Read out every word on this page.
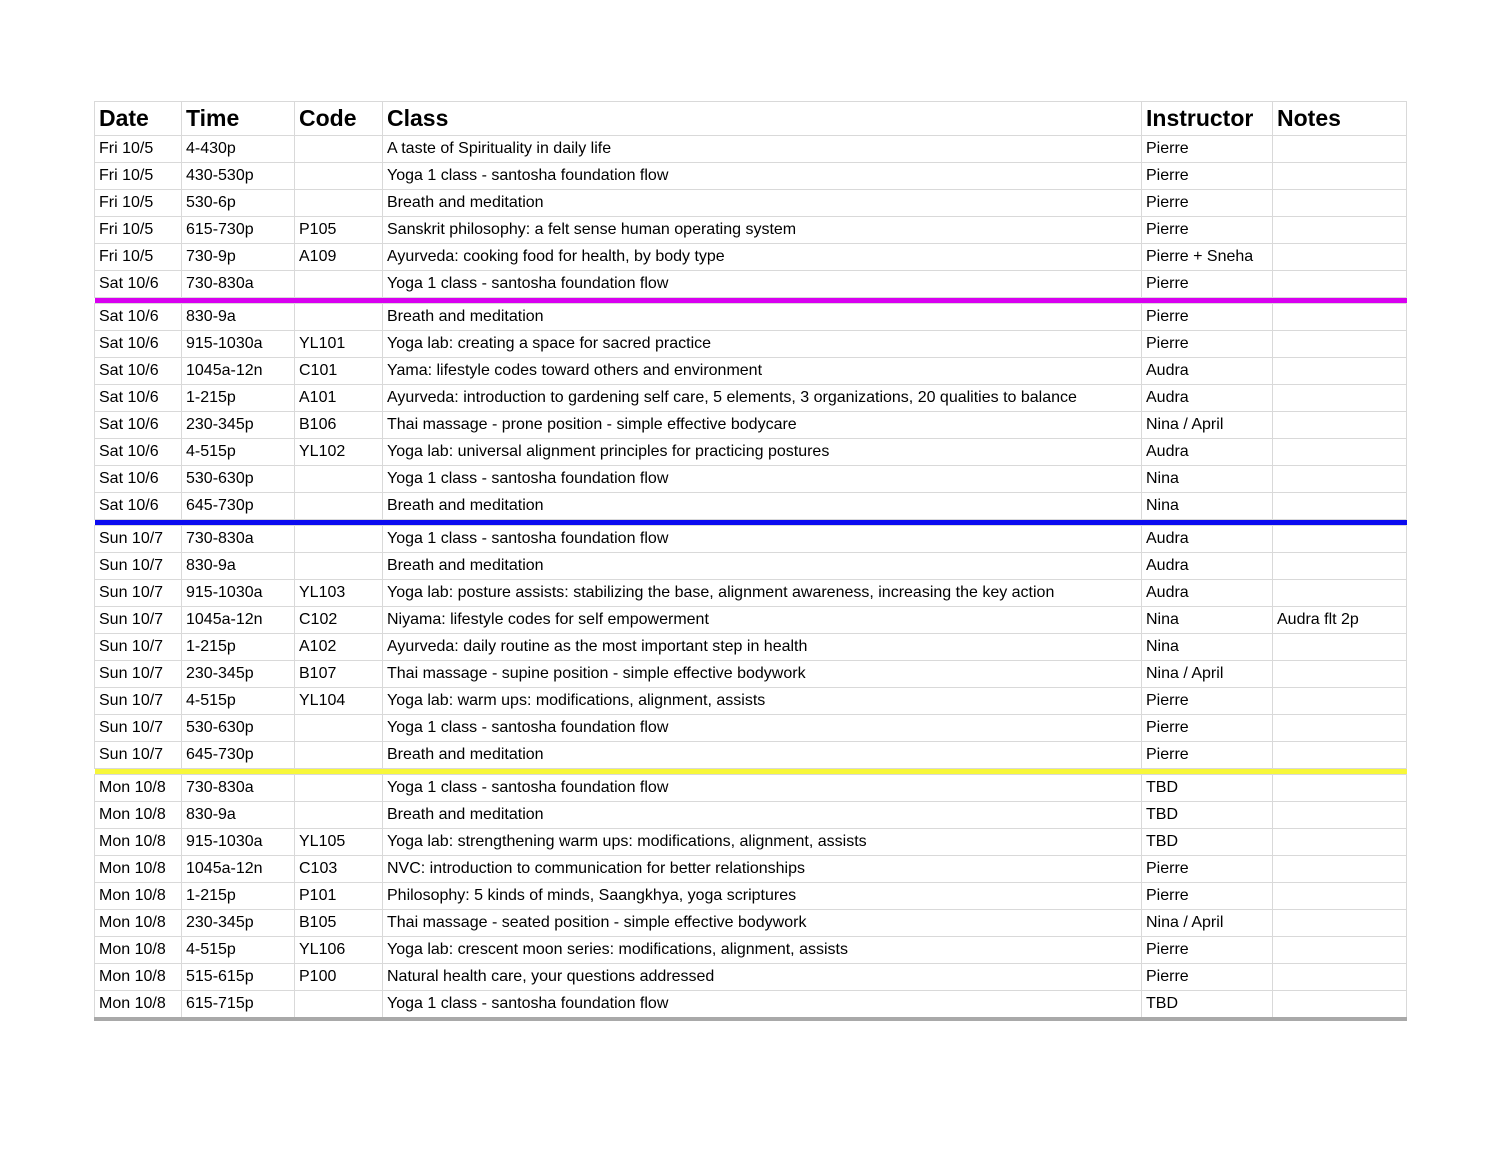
Date	Time	Code	Class	Instructor	Notes
Fri 10/5	4-430p		A taste of Spirituality in daily life	Pierre	
Fri 10/5	430-530p		Yoga 1 class - santosha foundation flow	Pierre	
Fri 10/5	530-6p		Breath and meditation	Pierre	
Fri 10/5	615-730p	P105	Sanskrit philosophy: a felt sense human operating system	Pierre	
Fri 10/5	730-9p	A109	Ayurveda: cooking food for health, by body type	Pierre + Sneha	
Sat 10/6	730-830a		Yoga 1 class - santosha foundation flow	Pierre	

Sat 10/6	830-9a		Breath and meditation	Pierre	
Sat 10/6	915-1030a	YL101	Yoga lab: creating a space for sacred practice	Pierre	
Sat 10/6	1045a-12n	C101	Yama: lifestyle codes toward others and environment	Audra	
Sat 10/6	1-215p	A101	Ayurveda: introduction to gardening self care, 5 elements, 3 organizations, 20 qualities to balance	Audra	
Sat 10/6	230-345p	B106	Thai massage - prone position - simple effective bodycare	Nina / April	
Sat 10/6	4-515p	YL102	Yoga lab: universal alignment principles for practicing postures	Audra	
Sat 10/6	530-630p		Yoga 1 class - santosha foundation flow	Nina	
Sat 10/6	645-730p		Breath and meditation	Nina	

Sun 10/7	730-830a		Yoga 1 class - santosha foundation flow	Audra	
Sun 10/7	830-9a		Breath and meditation	Audra	
Sun 10/7	915-1030a	YL103	Yoga lab: posture assists: stabilizing the base, alignment awareness, increasing the key action	Audra	
Sun 10/7	1045a-12n	C102	Niyama: lifestyle codes for self empowerment	Nina	Audra flt 2p
Sun 10/7	1-215p	A102	Ayurveda: daily routine as the most important step in health	Nina	
Sun 10/7	230-345p	B107	Thai massage - supine position - simple effective bodywork	Nina / April	
Sun 10/7	4-515p	YL104	Yoga lab: warm ups: modifications, alignment, assists	Pierre	
Sun 10/7	530-630p		Yoga 1 class - santosha foundation flow	Pierre	
Sun 10/7	645-730p		Breath and meditation	Pierre	

Mon 10/8	730-830a		Yoga 1 class - santosha foundation flow	TBD	
Mon 10/8	830-9a		Breath and meditation	TBD	
Mon 10/8	915-1030a	YL105	Yoga lab: strengthening warm ups: modifications, alignment, assists	TBD	
Mon 10/8	1045a-12n	C103	NVC: introduction to communication for better relationships	Pierre	
Mon 10/8	1-215p	P101	Philosophy: 5 kinds of minds, Saangkhya, yoga scriptures	Pierre	
Mon 10/8	230-345p	B105	Thai massage - seated position - simple effective bodywork	Nina / April	
Mon 10/8	4-515p	YL106	Yoga lab: crescent moon series: modifications, alignment, assists	Pierre	
Mon 10/8	515-615p	P100	Natural health care, your questions addressed	Pierre	
Mon 10/8	615-715p		Yoga 1 class - santosha foundation flow	TBD	
